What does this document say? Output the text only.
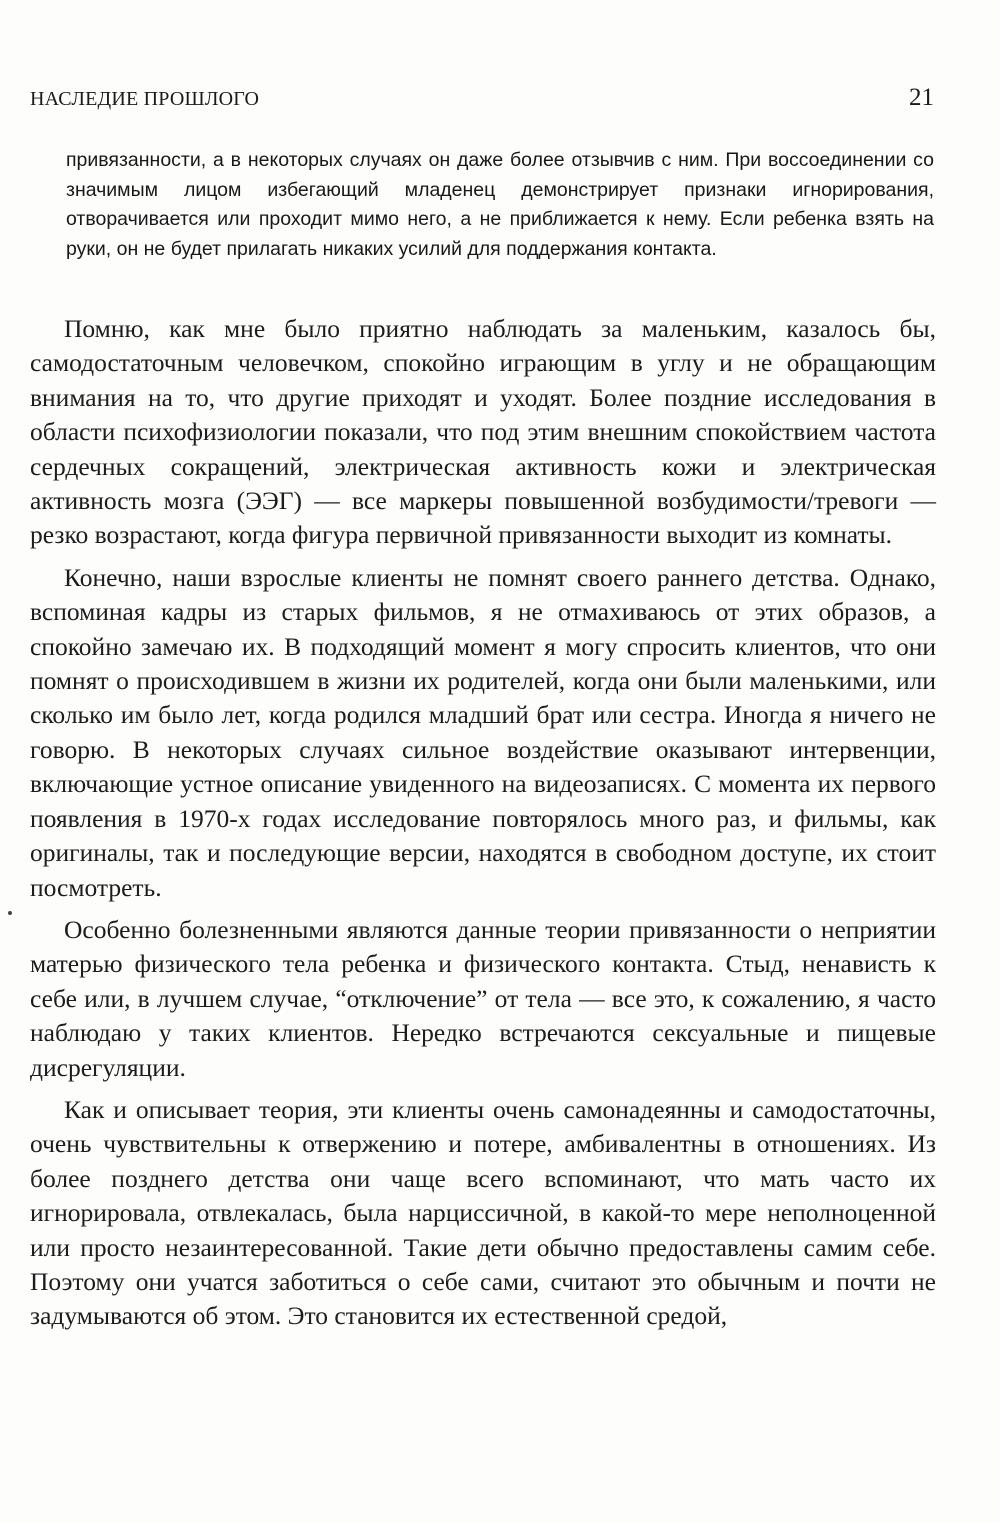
НАСЛЕДИЕ ПРОШЛОГО	21

привязанности, а в некоторых случаях он даже более отзывчив с ним. При воссоединении со значимым лицом избегающий младенец демонстрирует признаки игнорирования, отворачивается или проходит мимо него, а не приближается к нему. Если ребенка взять на руки, он не будет прилагать никаких усилий для поддержания контакта.

Помню, как мне было приятно наблюдать за маленьким, казалось бы, самодостаточным человечком, спокойно играющим в углу и не обращающим внимания на то, что другие приходят и уходят. Более поздние исследования в области психофизиологии показали, что под этим внешним спокойствием частота сердечных сокращений, электрическая активность кожи и электрическая активность мозга (ЭЭГ) — все маркеры повышенной возбудимости/тревоги — резко возрастают, когда фигура первичной привязанности выходит из комнаты.

Конечно, наши взрослые клиенты не помнят своего раннего детства. Однако, вспоминая кадры из старых фильмов, я не отмахиваюсь от этих образов, а спокойно замечаю их. В подходящий момент я могу спросить клиентов, что они помнят о происходившем в жизни их родителей, когда они были маленькими, или сколько им было лет, когда родился младший брат или сестра. Иногда я ничего не говорю. В некоторых случаях сильное воздействие оказывают интервенции, включающие устное описание увиденного на видеозаписях. С момента их первого появления в 1970-х годах исследование повторялось много раз, и фильмы, как оригиналы, так и последующие версии, находятся в свободном доступе, их стоит посмотреть.

Особенно болезненными являются данные теории привязанности о неприятии матерью физического тела ребенка и физического контакта. Стыд, ненависть к себе или, в лучшем случае, “отключение” от тела — все это, к сожалению, я часто наблюдаю у таких клиентов. Нередко встречаются сексуальные и пищевые дисрегуляции.

Как и описывает теория, эти клиенты очень самонадеянны и самодостаточны, очень чувствительны к отвержению и потере, амбивалентны в отношениях. Из более позднего детства они чаще всего вспоминают, что мать часто их игнорировала, отвлекалась, была нарциссичной, в какой-то мере неполноценной или просто незаинтересованной. Такие дети обычно предоставлены самим себе. Поэтому они учатся заботиться о себе сами, считают это обычным и почти не задумываются об этом. Это становится их естественной средой,
